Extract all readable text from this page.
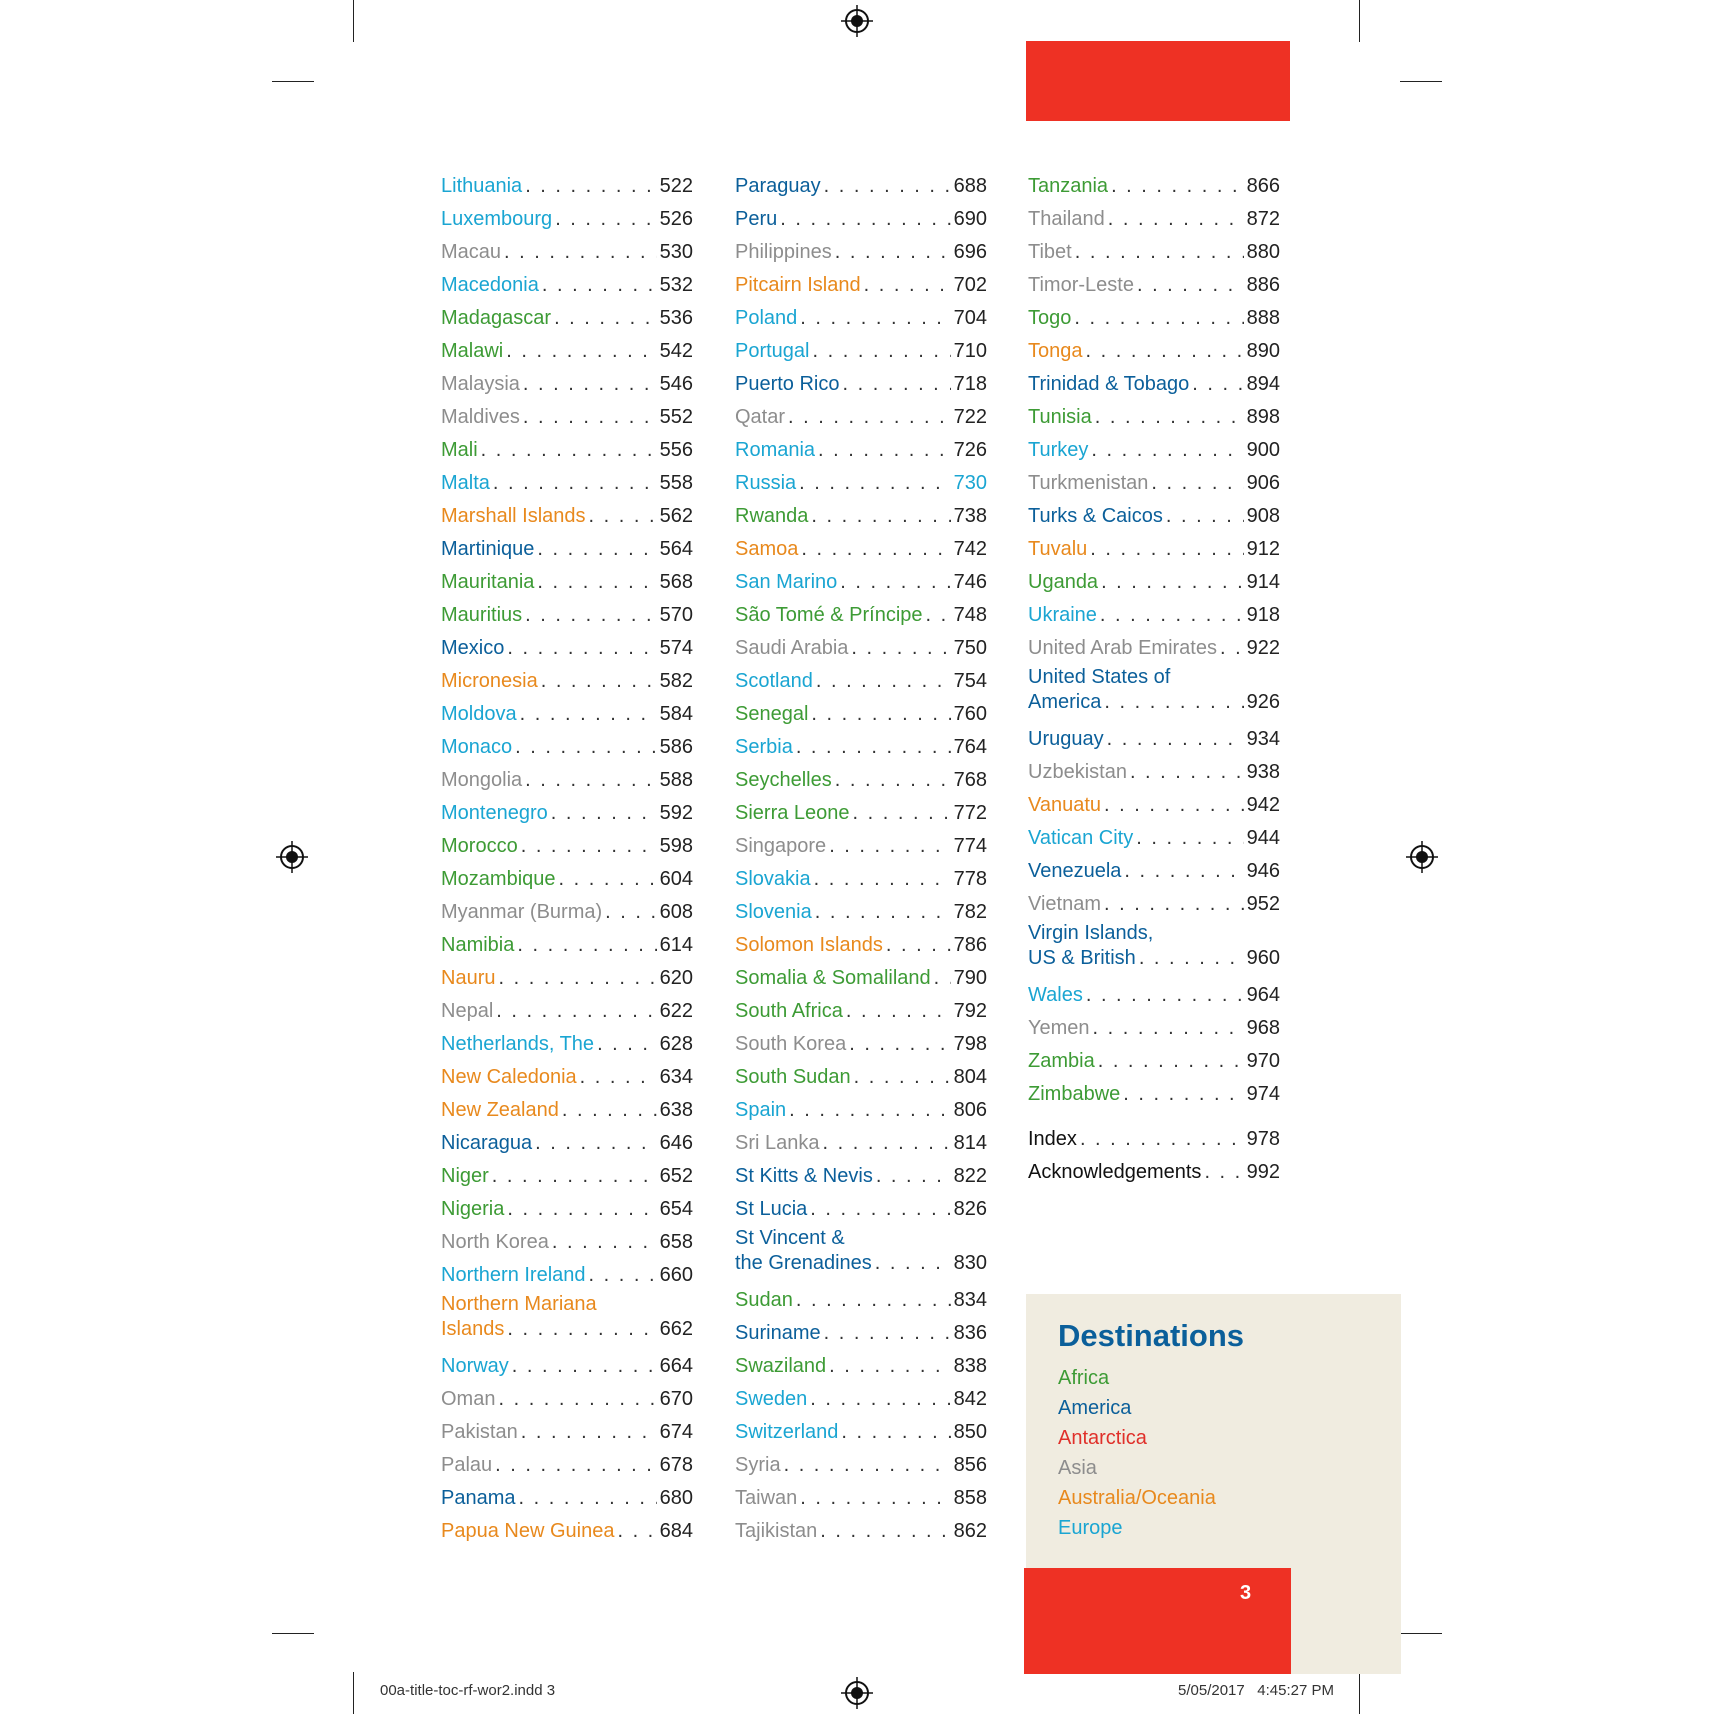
Lithuania . . .	522
Luxembourg . . .	526
Macau . . .	530
Macedonia . . .	532
Madagascar . . .	536
Malawi . . .	542
Malaysia . . .	546
Maldives . . .	552
Mali . . .	556
Malta . . .	558
Marshall Islands . . .	562
Martinique . . .	564
Mauritania . . .	568
Mauritius . . .	570
Mexico . . .	574
Micronesia . . .	582
Moldova . . .	584
Monaco . . .	586
Mongolia . . .	588
Montenegro . . .	592
Morocco . . .	598
Mozambique . . .	604
Myanmar (Burma) . . .	608
Namibia . . .	614
Nauru . . .	620
Nepal . . .	622
Netherlands, The . . .	628
New Caledonia . . .	634
New Zealand . . .	638
Nicaragua . . .	646
Niger . . .	652
Nigeria . . .	654
North Korea . . .	658
Northern Ireland . . .	660
Northern Mariana
Islands . . .	662
Norway . . .	664
Oman . . .	670
Pakistan . . .	674
Palau . . .	678
Panama . . .	680
Papua New Guinea . . . 684
Paraguay . . .	688
Peru . . .	690
Philippines . . .	696
Pitcairn Island . . .	702
Poland . . .	704
Portugal . . .	710
Puerto Rico . . .	718
Qatar . . .	722
Romania . . .	726
Russia . . .	730
Rwanda . . .	738
Samoa . . .	742
San Marino . . .	746
São Tomé & Príncipe . . . 748
Saudi Arabia . . .	750
Scotland . . .	754
Senegal . . .	760
Serbia . . .	764
Seychelles . . .	768
Sierra Leone . . .	772
Singapore . . .	774
Slovakia . . .	778
Slovenia . . .	782
Solomon Islands . . .	786
Somalia & Somaliland . . . 790
South Africa . . .	792
South Korea . . .	798
South Sudan . . .	804
Spain . . .	806
Sri Lanka . . .	814
St Kitts & Nevis . . .	822
St Lucia . . .	826
St Vincent &
the Grenadines . . .	830
Sudan . . .	834
Suriname . . .	836
Swaziland . . .	838
Sweden . . .	842
Switzerland . . .	850
Syria . . .	856
Taiwan . . .	858
Tajikistan . . .	862
Tanzania . . .	866
Thailand . . .	872
Tibet . . .	880
Timor-Leste . . .	886
Togo . . .	888
Tonga . . .	890
Trinidad & Tobago . . .	894
Tunisia . . .	898
Turkey . . .	900
Turkmenistan . . .	906
Turks & Caicos . . .	908
Tuvalu . . .	912
Uganda . . .	914
Ukraine . . .	918
United Arab Emirates . . . 922
United States of
America . . .	926
Uruguay . . .	934
Uzbekistan . . .	938
Vanuatu . . .	942
Vatican City . . .	944
Venezuela . . .	946
Vietnam . . .	952
Virgin Islands,
US & British . . .	960
Wales . . .	964
Yemen . . .	968
Zambia . . .	970
Zimbabwe . . .	974
Index . . .	978
Acknowledgements . . . 992
Destinations
Africa
America
Antarctica
Asia
Australia/Oceania
Europe
3
00a-title-toc-rf-wor2.indd 3	5/05/2017 4:45:27 PM
